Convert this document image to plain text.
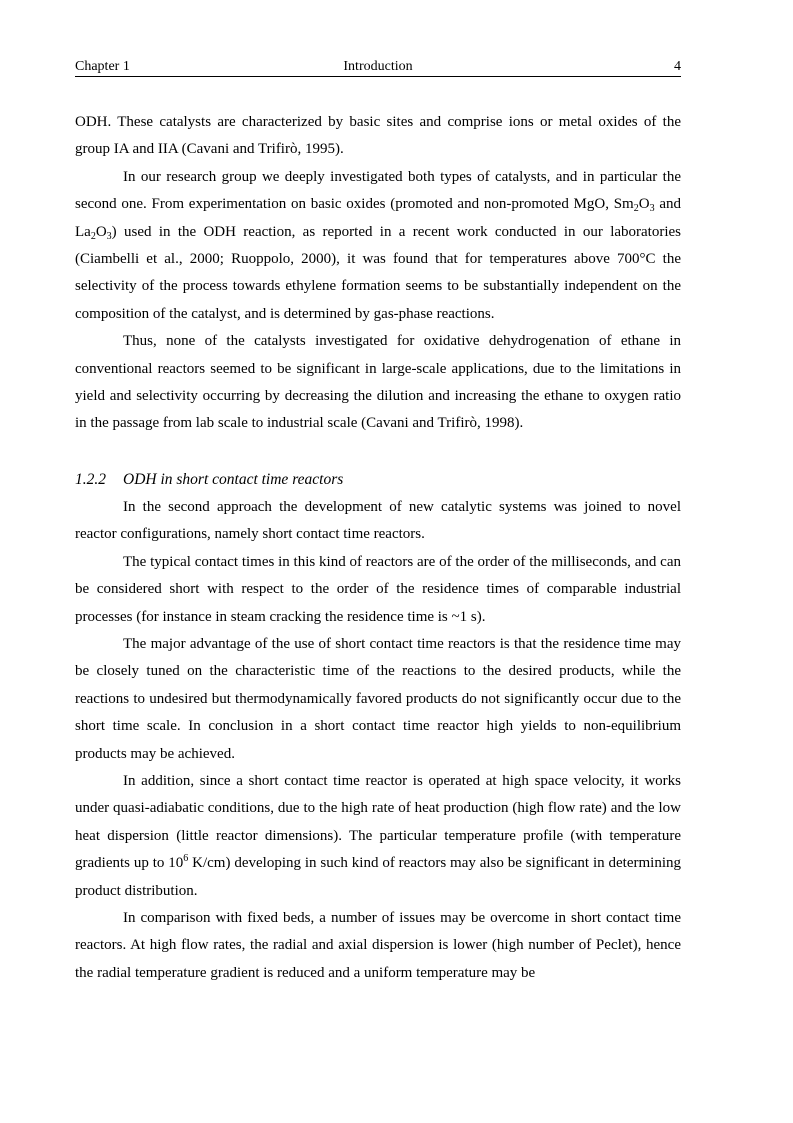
Chapter 1	Introduction	4

ODH. These catalysts are characterized by basic sites and comprise ions or metal oxides of the group IA and IIA (Cavani and Trifirò, 1995).

In our research group we deeply investigated both types of catalysts, and in particular the second one. From experimentation on basic oxides (promoted and non-promoted MgO, $Sm_2O_3$ and $La_2O_3$) used in the ODH reaction, as reported in a recent work conducted in our laboratories (Ciambelli et al., 2000; Ruoppolo, 2000), it was found that for temperatures above 700°C the selectivity of the process towards ethylene formation seems to be substantially independent on the composition of the catalyst, and is determined by gas-phase reactions.

Thus, none of the catalysts investigated for oxidative dehydrogenation of ethane in conventional reactors seemed to be significant in large-scale applications, due to the limitations in yield and selectivity occurring by decreasing the dilution and increasing the ethane to oxygen ratio in the passage from lab scale to industrial scale (Cavani and Trifirò, 1998).

1.2.2 ODH in short contact time reactors

In the second approach the development of new catalytic systems was joined to novel reactor configurations, namely short contact time reactors.

The typical contact times in this kind of reactors are of the order of the milliseconds, and can be considered short with respect to the order of the residence times of comparable industrial processes (for instance in steam cracking the residence time is ~1 s).

The major advantage of the use of short contact time reactors is that the residence time may be closely tuned on the characteristic time of the reactions to the desired products, while the reactions to undesired but thermodynamically favored products do not significantly occur due to the short time scale. In conclusion in a short contact time reactor high yields to non-equilibrium products may be achieved.

In addition, since a short contact time reactor is operated at high space velocity, it works under quasi-adiabatic conditions, due to the high rate of heat production (high flow rate) and the low heat dispersion (little reactor dimensions). The particular temperature profile (with temperature gradients up to $10^6$ K/cm) developing in such kind of reactors may also be significant in determining product distribution.

In comparison with fixed beds, a number of issues may be overcome in short contact time reactors. At high flow rates, the radial and axial dispersion is lower (high number of Peclet), hence the radial temperature gradient is reduced and a uniform temperature may be
